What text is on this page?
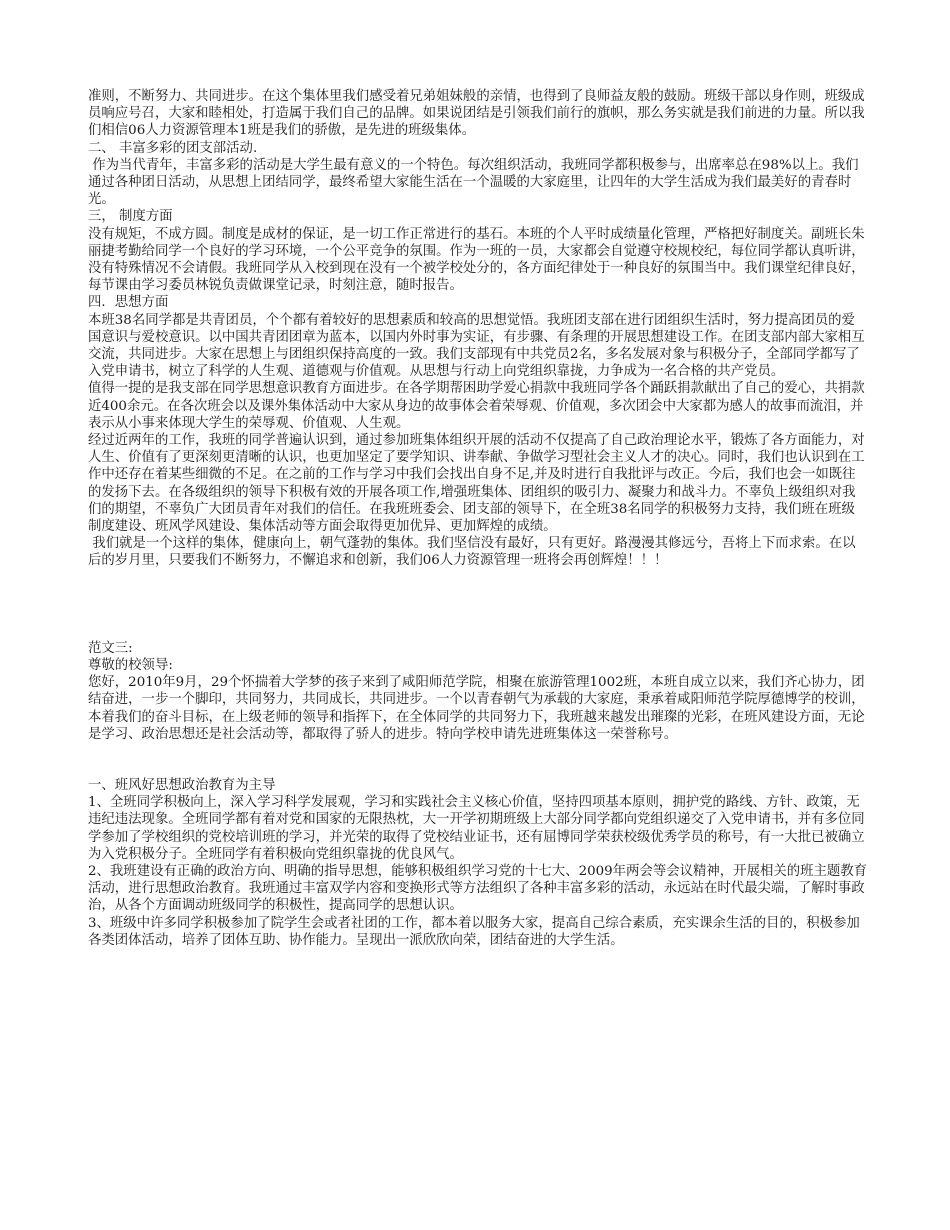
准则，不断努力、共同进步。在这个集体里我们感受着兄弟姐妹般的亲情，也得到了良师益友般的鼓励。班级干部以身作则，班级成员响应号召，大家和睦相处，打造属于我们自己的品牌。如果说团结是引领我们前行的旗帜，那么务实就是我们前进的力量。所以我们相信06人力资源管理本1班是我们的骄傲，是先进的班级集体。

二、 丰富多彩的团支部活动.

作为当代青年，丰富多彩的活动是大学生最有意义的一个特色。每次组织活动，我班同学都积极参与，出席率总在98%以上。我们通过各种团日活动，从思想上团结同学，最终希望大家能生活在一个温暖的大家庭里，让四年的大学生活成为我们最美好的青春时光。

三， 制度方面

没有规矩，不成方圆。制度是成材的保证，是一切工作正常进行的基石。本班的个人平时成绩量化管理，严格把好制度关。副班长朱丽捷考勤给同学一个良好的学习环境，一个公平竞争的氛围。作为一班的一员，大家都会自觉遵守校规校纪，每位同学都认真听讲，没有特殊情况不会请假。我班同学从入校到现在没有一个被学校处分的，各方面纪律处于一种良好的氛围当中。我们课堂纪律良好，每节课由学习委员林锐负责做课堂记录，时刻注意，随时报告。

四．思想方面

本班38名同学都是共青团员，个个都有着较好的思想素质和较高的思想觉悟。我班团支部在进行团组织生活时，努力提高团员的爱国意识与爱校意识。以中国共青团团章为蓝本，以国内外时事为实证，有步骤、有条理的开展思想建设工作。在团支部内部大家相互交流，共同进步。大家在思想上与团组织保持高度的一致。我们支部现有中共党员2名，多名发展对象与积极分子，全部同学都写了入党申请书，树立了科学的人生观、道德观与价值观。从思想与行动上向党组织靠拢，力争成为一名合格的共产党员。

值得一提的是我支部在同学思想意识教育方面进步。在各学期帮困助学爱心捐款中我班同学各个踊跃捐款献出了自己的爱心，共捐款近400余元。在各次班会以及课外集体活动中大家从身边的故事体会着荣辱观、价值观，多次团会中大家都为感人的故事而流泪，并表示从小事来体现大学生的荣辱观、价值观、人生观。

经过近两年的工作，我班的同学普遍认识到，通过参加班集体组织开展的活动不仅提高了自己政治理论水平，锻炼了各方面能力，对人生、价值有了更深刻更清晰的认识，也更加坚定了要学知识、讲奉献、争做学习型社会主义人才的决心。同时，我们也认识到在工作中还存在着某些细微的不足。在之前的工作与学习中我们会找出自身不足,并及时进行自我批评与改正。今后，我们也会一如既往的发扬下去。在各级组织的领导下积极有效的开展各项工作,增强班集体、团组织的吸引力、凝聚力和战斗力。不辜负上级组织对我们的期望，不辜负广大团员青年对我们的信任。在我班班委会、团支部的领导下，在全班38名同学的积极努力支持，我们班在班级制度建设、班风学风建设、集体活动等方面会取得更加优异、更加辉煌的成绩。

我们就是一个这样的集体，健康向上，朝气蓬勃的集体。我们坚信没有最好，只有更好。路漫漫其修远兮，吾将上下而求索。在以后的岁月里，只要我们不断努力，不懈追求和创新，我们06人力资源管理一班将会再创辉煌！！！

范文三:

尊敬的校领导:

您好，2010年9月，29个怀揣着大学梦的孩子来到了咸阳师范学院，相聚在旅游管理1002班，本班自成立以来，我们齐心协力，团结奋进，一步一个脚印，共同努力，共同成长，共同进步。一个以青春朝气为承载的大家庭，秉承着咸阳师范学院厚德博学的校训，本着我们的奋斗目标，在上级老师的领导和指挥下，在全体同学的共同努力下，我班越来越发出璀璨的光彩，在班风建设方面，无论是学习、政治思想还是社会活动等，都取得了骄人的进步。特向学校申请先进班集体这一荣誉称号。

一、班风好思想政治教育为主导

1、全班同学积极向上，深入学习科学发展观，学习和实践社会主义核心价值，坚持四项基本原则，拥护党的路线、方针、政策，无违纪违法现象。全班同学都有着对党和国家的无限热枕，大一开学初期班级上大部分同学都向党组织递交了入党申请书，并有多位同学参加了学校组织的党校培训班的学习，并光荣的取得了党校结业证书，还有屈博同学荣获校级优秀学员的称号，有一大批已被确立为入党积极分子。全班同学有着积极向党组织靠拢的优良风气。

2、我班建设有正确的政治方向、明确的指导思想，能够积极组织学习党的十七大、2009年两会等会议精神，开展相关的班主题教育活动，进行思想政治教育。我班通过丰富双学内容和变换形式等方法组织了各种丰富多彩的活动，永远站在时代最尖端，了解时事政治，从各个方面调动班级同学的积极性，提高同学的思想认识。

3、班级中许多同学积极参加了院学生会或者社团的工作，都本着以服务大家，提高自己综合素质，充实课余生活的目的，积极参加各类团体活动，培养了团体互助、协作能力。呈现出一派欣欣向荣，团结奋进的大学生活。
